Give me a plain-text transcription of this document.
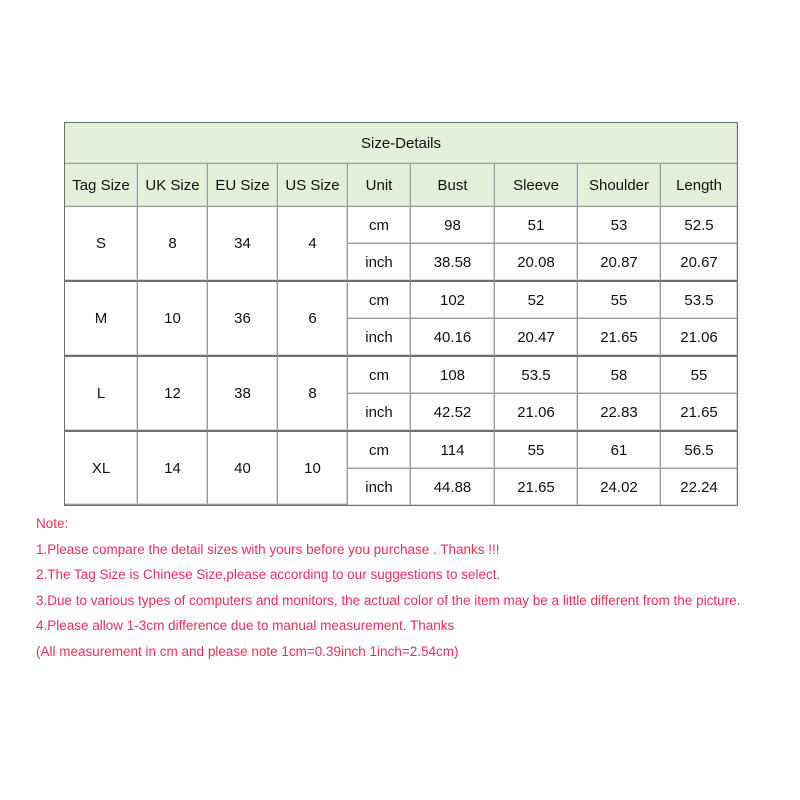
Size-Details								
Tag Size	UK Size	EU Size	US Size	Unit	Bust	Sleeve	Shoulder	Length
S	8	34	4	cm	98	51	53	52.5
				inch	38.58	20.08	20.87	20.67
M	10	36	6	cm	102	52	55	53.5
				inch	40.16	20.47	21.65	21.06
L	12	38	8	cm	108	53.5	58	55
				inch	42.52	21.06	22.83	21.65
XL	14	40	10	cm	114	55	61	56.5
				inch	44.88	21.65	24.02	22.24
Note:
1.Please compare the detail sizes with yours before you purchase . Thanks !!!
2.The Tag Size is Chinese Size,please according to our suggestions to select.
3.Due to various types of computers and monitors, the actual color of the item may be a little different from the picture.
4.Please allow 1-3cm difference due to manual measurement. Thanks
(All measurement in cm and please note 1cm=0.39inch 1inch=2.54cm)
